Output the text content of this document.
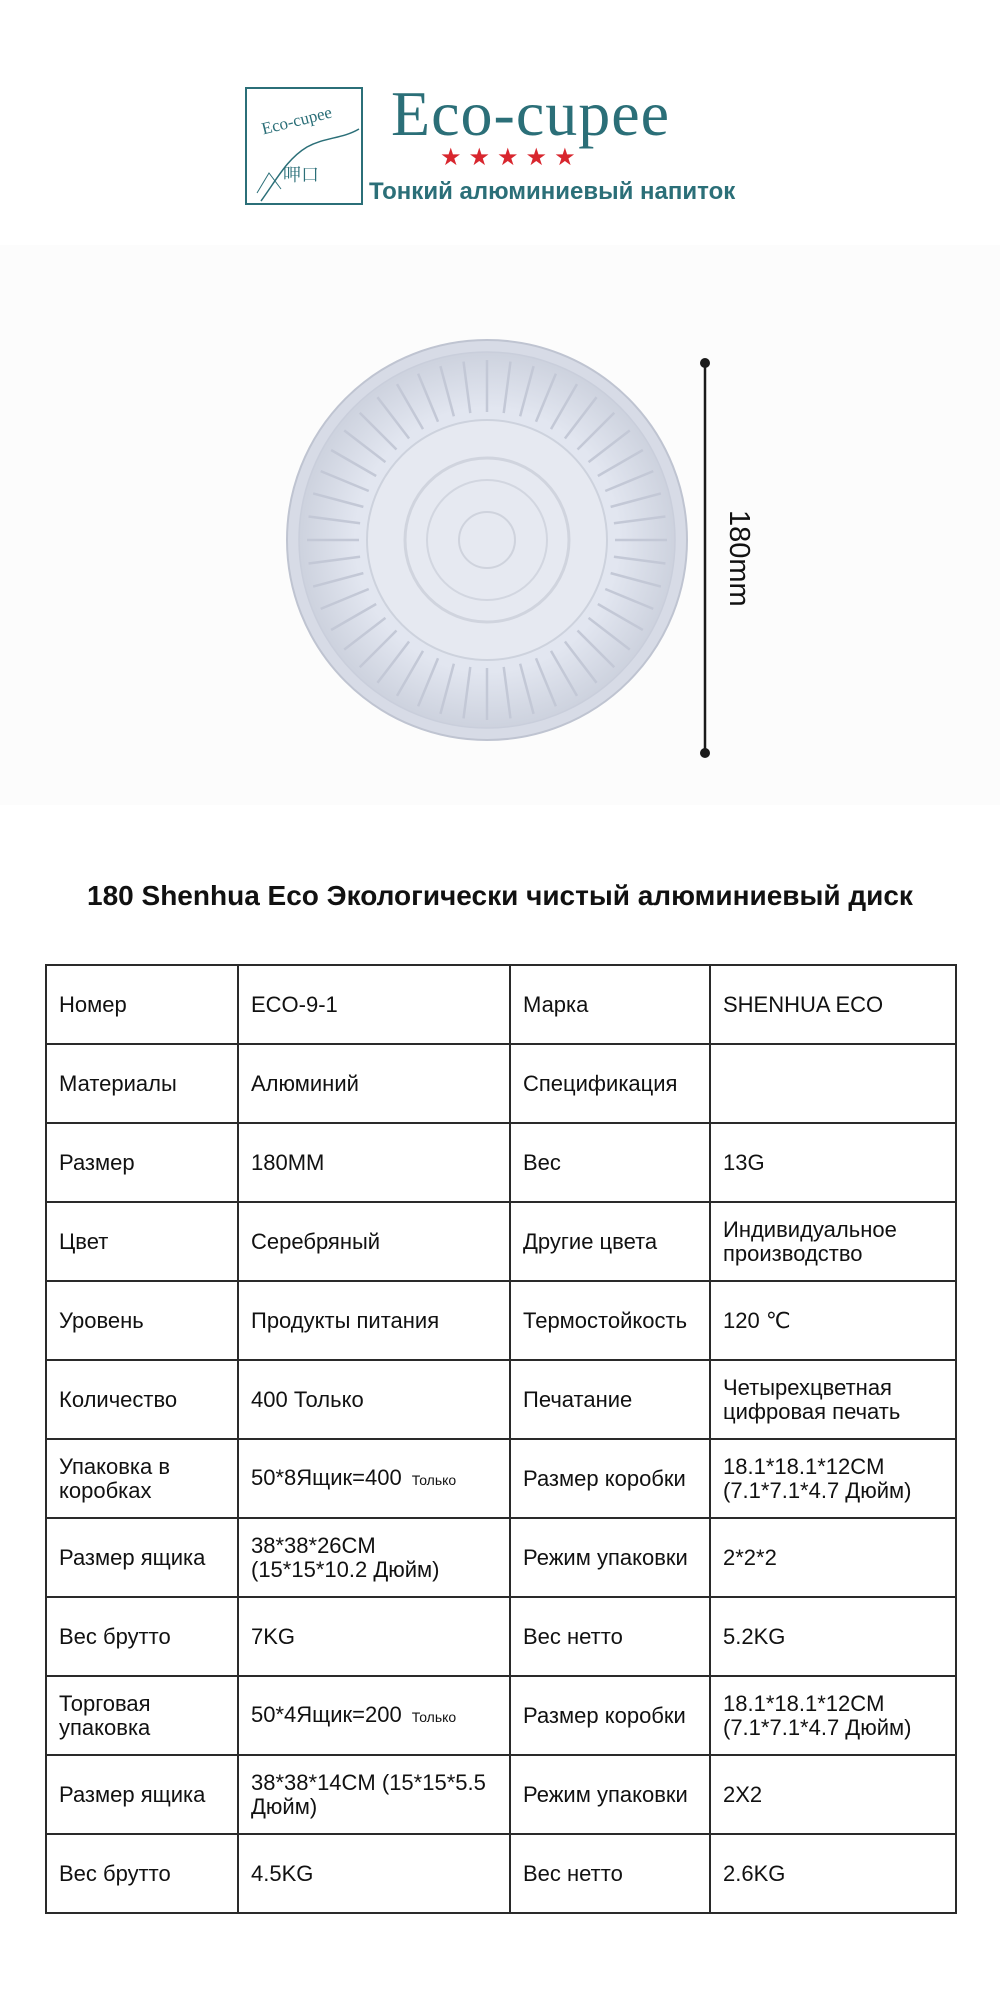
Eco-cupee
呷口
Eco-cupee
★★★★★
Тонкий алюминиевый напиток
180mm
180 Shenhua Eco Экологически чистый алюминиевый диск
Номер	ECO-9-1	Марка	SHENHUA ECO
Материалы	Алюминий	Спецификация	
Размер	180MM	Вес	13G
Цвет	Серебряный	Другие цвета	Индивидуальное производство
Уровень	Продукты питания	Термостойкость	120 ℃
Количество	400 Только	Печатание	Четырехцветная цифровая печать
Упаковка в коробках	50*8Ящик=400 Только	Размер коробки	18.1*18.1*12CM (7.1*7.1*4.7 Дюйм)
Размер ящика	38*38*26CM (15*15*10.2 Дюйм)	Режим упаковки	2*2*2
Вес брутто	7KG	Вес нетто	5.2KG
Торговая упаковка	50*4Ящик=200 Только	Размер коробки	18.1*18.1*12CM (7.1*7.1*4.7 Дюйм)
Размер ящика	38*38*14CM (15*15*5.5 Дюйм)	Режим упаковки	2X2
Вес брутто	4.5KG	Вес нетто	2.6KG
